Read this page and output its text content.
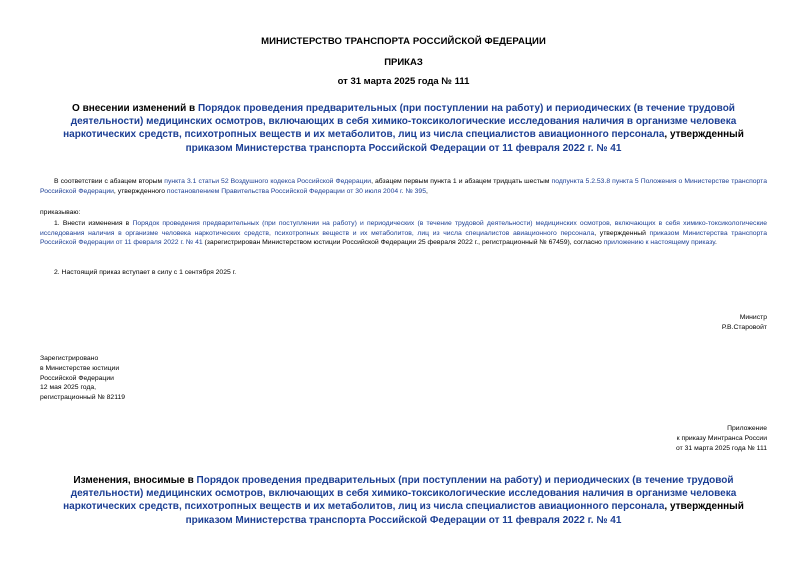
МИНИСТЕРСТВО ТРАНСПОРТА РОССИЙСКОЙ ФЕДЕРАЦИИ
ПРИКАЗ
от 31 марта 2025 года № 111
О внесении изменений в Порядок проведения предварительных (при поступлении на работу) и периодических (в течение трудовой деятельности) медицинских осмотров, включающих в себя химико-токсикологические исследования наличия в организме человека наркотических средств, психотропных веществ и их метаболитов, лиц из числа специалистов авиационного персонала, утвержденный приказом Министерства транспорта Российской Федерации от 11 февраля 2022 г. № 41
В соответствии с абзацем вторым пункта 3.1 статьи 52 Воздушного кодекса Российской Федерации, абзацем первым пункта 1 и абзацем тридцать шестым подпункта 5.2.53.8 пункта 5 Положения о Министерстве транспорта Российской Федерации, утвержденного постановлением Правительства Российской Федерации от 30 июля 2004 г. № 395,
приказываю:
1. Внести изменения в Порядок проведения предварительных (при поступлении на работу) и периодических (в течение трудовой деятельности) медицинских осмотров, включающих в себя химико-токсикологические исследования наличия в организме человека наркотических средств, психотропных веществ и их метаболитов, лиц из числа специалистов авиационного персонала, утвержденный приказом Министерства транспорта Российской Федерации от 11 февраля 2022 г. № 41 (зарегистрирован Министерством юстиции Российской Федерации 25 февраля 2022 г., регистрационный № 67459), согласно приложению к настоящему приказу.
2. Настоящий приказ вступает в силу с 1 сентября 2025 г.
Министр
Р.В.Старовойт
Зарегистрировано
в Министерстве юстиции
Российской Федерации
12 мая 2025 года,
регистрационный № 82119
Приложение
к приказу Минтранса России
от 31 марта 2025 года № 111
Изменения, вносимые в Порядок проведения предварительных (при поступлении на работу) и периодических (в течение трудовой деятельности) медицинских осмотров, включающих в себя химико-токсикологические исследования наличия в организме человека наркотических средств, психотропных веществ и их метаболитов, лиц из числа специалистов авиационного персонала, утвержденный приказом Министерства транспорта Российской Федерации от 11 февраля 2022 г. № 41
